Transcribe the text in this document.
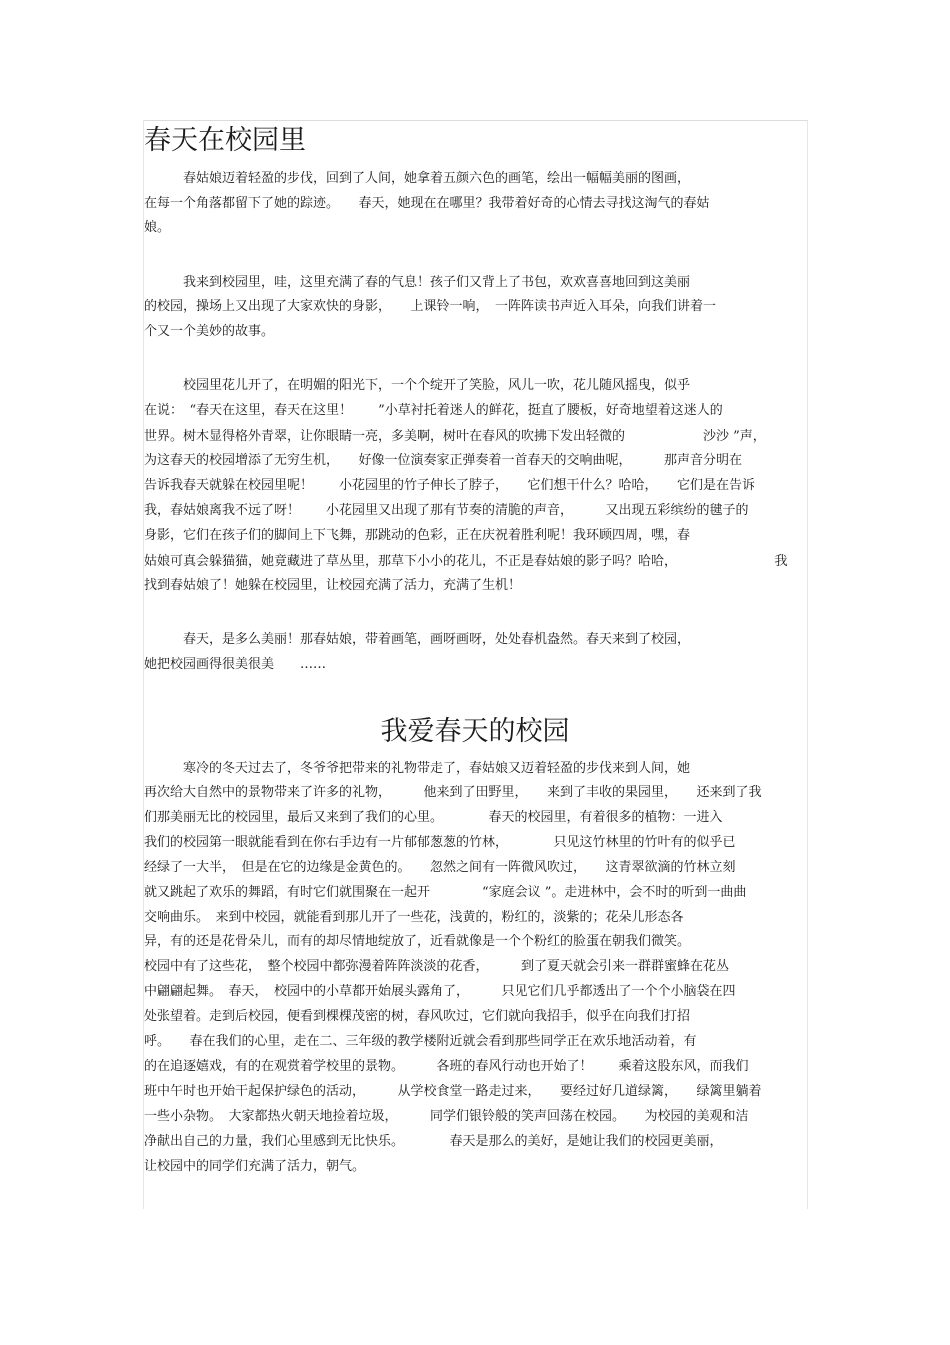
春天在校园里
　　　春姑娘迈着轻盈的步伐，回到了人间，她拿着五颜六色的画笔，绘出一幅幅美丽的图画，
在每一个角落都留下了她的踪迹。　　春天，她现在在哪里？我带着好奇的心情去寻找这淘气的春姑
娘。
　　　我来到校园里，哇，这里充满了春的气息！孩子们又背上了书包，欢欢喜喜地回到这美丽
的校园，操场上又出现了大家欢快的身影，　　上课铃一响，　一阵阵读书声近入耳朵，向我们讲着一
个又一个美妙的故事。
　　　校园里花儿开了，在明媚的阳光下，一个个绽开了笑脸，风儿一吹，花儿随风摇曳，似乎
在说：　“春天在这里，春天在这里！　　”小草衬托着迷人的鲜花，挺直了腰板，好奇地望着这迷人的
世界。树木显得格外青翠，让你眼睛一亮，多美啊，树叶在春风的吹拂下发出轻微的　　　　　　沙沙 ”声，
为这春天的校园增添了无穷生机，　　好像一位演奏家正弹奏着一首春天的交响曲呢，　　　那声音分明在
告诉我春天就躲在校园里呢！　　小花园里的竹子伸长了脖子，　　它们想干什么？哈哈，　　它们是在告诉
我，春姑娘离我不远了呀！　　小花园里又出现了那有节奏的清脆的声音，　　　又出现五彩缤纷的毽子的
身影，它们在孩子们的脚间上下飞舞，那跳动的色彩，正在庆祝着胜利呢！我环顾四周，嘿，春
姑娘可真会躲猫猫，她竟藏进了草丛里，那草下小小的花儿，不正是春姑娘的影子吗？哈哈，　　　　　　　　我
找到春姑娘了！她躲在校园里，让校园充满了活力，充满了生机！
　　　春天，是多么美丽！那春姑娘，带着画笔，画呀画呀，处处春机盎然。春天来到了校园，
她把校园画得很美很美　　……
我爱春天的校园
　　　寒冷的冬天过去了，冬爷爷把带来的礼物带走了，春姑娘又迈着轻盈的步伐来到人间，她
再次给大自然中的景物带来了许多的礼物，　　　他来到了田野里，　　来到了丰收的果园里，　　还来到了我
们那美丽无比的校园里，最后又来到了我们的心里。　　　　春天的校园里，有着很多的植物：一进入
我们的校园第一眼就能看到在你右手边有一片郁郁葱葱的竹林，　　　　只见这竹林里的竹叶有的似乎已
经绿了一大半，　但是在它的边缘是金黄色的。　　忽然之间有一阵微风吹过，　　这青翠欲滴的竹林立刻
就又跳起了欢乐的舞蹈，有时它们就围聚在一起开　　　　“家庭会议 ”。走进林中，会不时的听到一曲曲
交响曲乐。　来到中校园，就能看到那儿开了一些花，浅黄的，粉红的，淡紫的；花朵儿形态各
异，有的还是花骨朵儿，而有的却尽情地绽放了，近看就像是一个个粉红的脸蛋在朝我们微笑。
校园中有了这些花，　整个校园中都弥漫着阵阵淡淡的花香，　　　到了夏天就会引来一群群蜜蜂在花丛
中翩翩起舞。　春天，　校园中的小草都开始展头露角了，　　　只见它们几乎都透出了一个个小脑袋在四
处张望着。走到后校园，便看到棵棵茂密的树，春风吹过，它们就向我招手，似乎在向我们打招
呼。　　春在我们的心里，走在二、三年级的教学楼附近就会看到那些同学正在欢乐地活动着，有
的在追逐嬉戏，有的在观赏着学校里的景物。　　　各班的春风行动也开始了！　　乘着这股东风，而我们
班中午时也开始干起保护绿色的活动，　　　从学校食堂一路走过来，　　要经过好几道绿篱，　　绿篱里躺着
一些小杂物。　大家都热火朝天地捡着垃圾，　　　同学们银铃般的笑声回荡在校园。　　为校园的美观和洁
净献出自己的力量，我们心里感到无比快乐。　　　　春天是那么的美好，是她让我们的校园更美丽，
让校园中的同学们充满了活力，朝气。
